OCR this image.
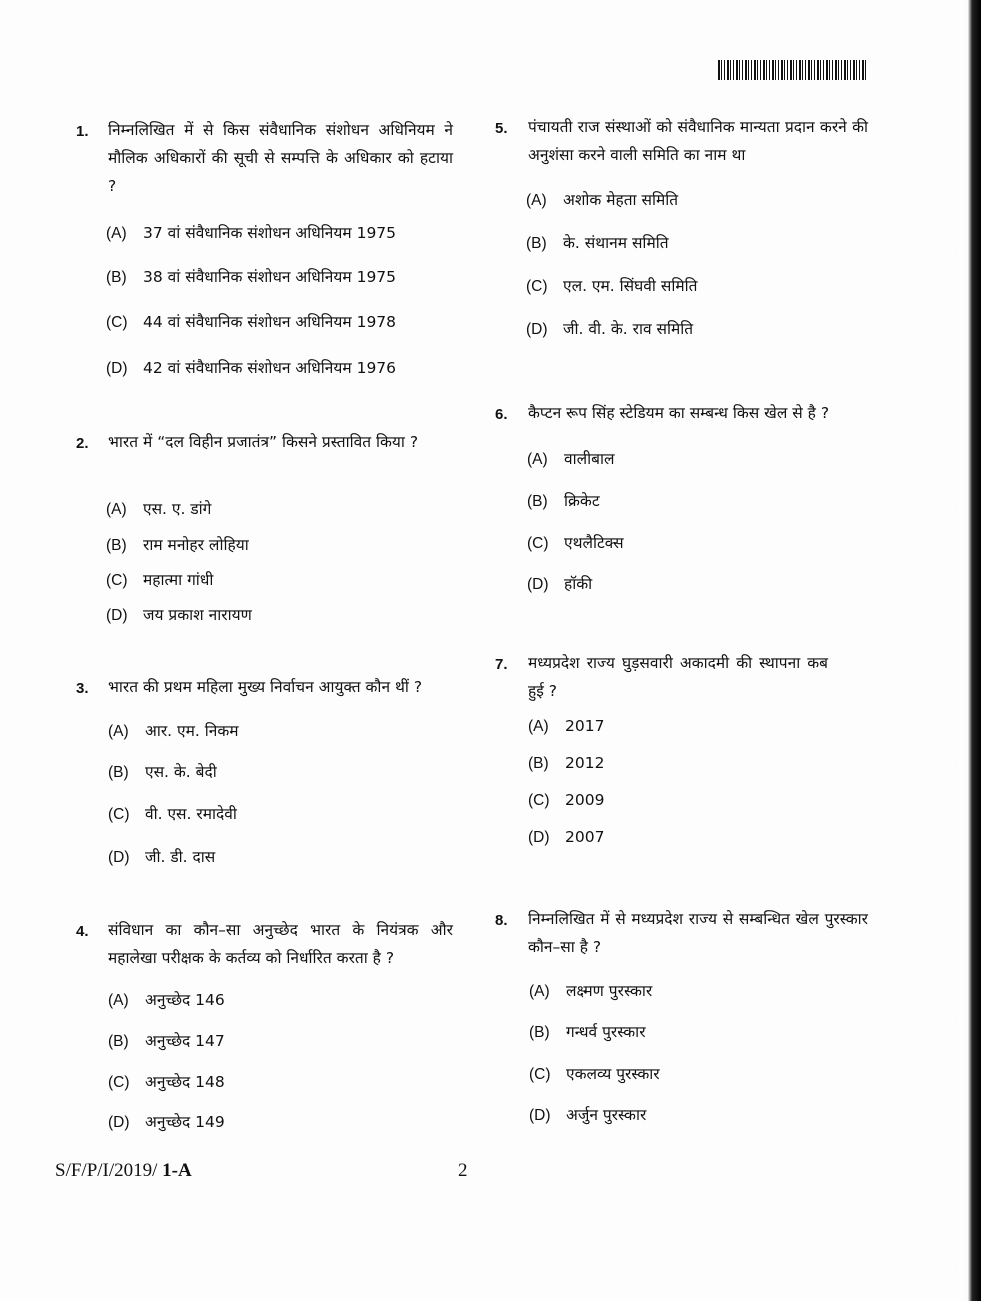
1. निम्नलिखित में से किस संवैधानिक संशोधन अधिनियम ने मौलिक अधिकारों की सूची से सम्पत्ति के अधिकार को हटाया ?
(A) 37 वां संवैधानिक संशोधन अधिनियम 1975
(B) 38 वां संवैधानिक संशोधन अधिनियम 1975
(C) 44 वां संवैधानिक संशोधन अधिनियम 1978
(D) 42 वां संवैधानिक संशोधन अधिनियम 1976
2. भारत में “दल विहीन प्रजातंत्र” किसने प्रस्तावित किया ?
(A) एस. ए. डांगे
(B) राम मनोहर लोहिया
(C) महात्मा गांधी
(D) जय प्रकाश नारायण
3. भारत की प्रथम महिला मुख्य निर्वाचन आयुक्त कौन थीं ?
(A) आर. एम. निकम
(B) एस. के. बेदी
(C) वी. एस. रमादेवी
(D) जी. डी. दास
4. संविधान का कौन–सा अनुच्छेद भारत के नियंत्रक और महालेखा परीक्षक के कर्तव्य को निर्धारित करता है ?
(A) अनुच्छेद 146
(B) अनुच्छेद 147
(C) अनुच्छेद 148
(D) अनुच्छेद 149
5. पंचायती राज संस्थाओं को संवैधानिक मान्यता प्रदान करने की अनुशंसा करने वाली समिति का नाम था
(A) अशोक मेहता समिति
(B) के. संथानम समिति
(C) एल. एम. सिंघवी समिति
(D) जी. वी. के. राव समिति
6. कैप्टन रूप सिंह स्टेडियम का सम्बन्ध किस खेल से है ?
(A) वालीबाल
(B) क्रिकेट
(C) एथलैटिक्स
(D) हॉकी
7. मध्यप्रदेश राज्य घुड़सवारी अकादमी की स्थापना कब हुई ?
(A) 2017
(B) 2012
(C) 2009
(D) 2007
8. निम्नलिखित में से मध्यप्रदेश राज्य से सम्बन्धित खेल पुरस्कार कौन–सा है ?
(A) लक्ष्मण पुरस्कार
(B) गन्धर्व पुरस्कार
(C) एकलव्य पुरस्कार
(D) अर्जुन पुरस्कार
S/F/P/I/2019/ 1-A	2
